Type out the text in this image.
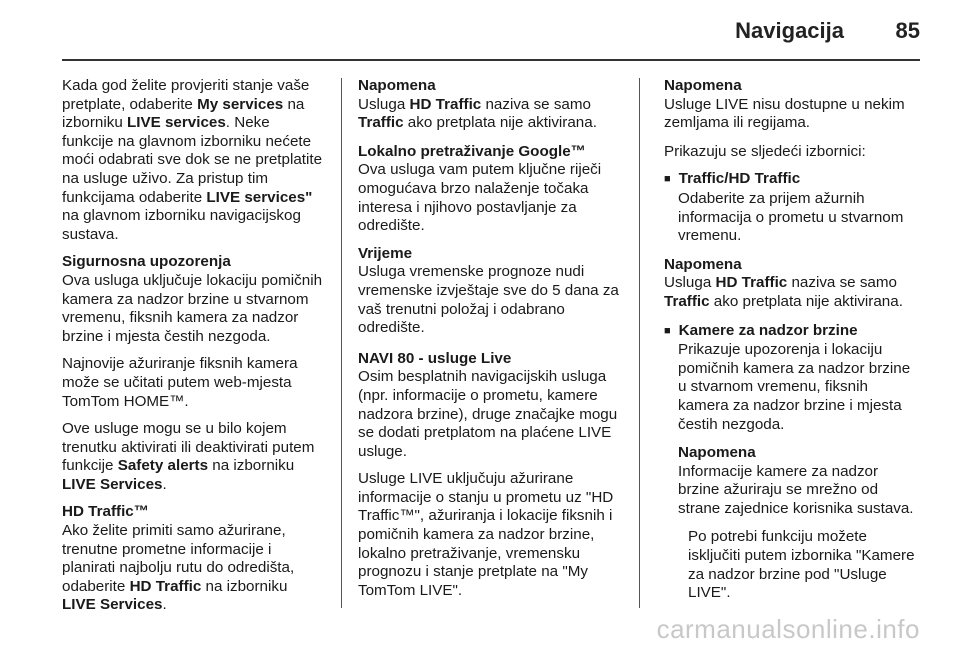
Navigacija 85

Kada god želite provjeriti stanje vaše pretplate, odaberite My services na izborniku LIVE services. Neke funkcije na glavnom izborniku nećete moći odabrati sve dok se ne pretplatite na usluge uživo. Za pristup tim funkcijama odaberite LIVE services" na glavnom izborniku navigacijskog sustava.

Sigurnosna upozorenja

Ova usluga uključuje lokaciju pomičnih kamera za nadzor brzine u stvarnom vremenu, fiksnih kamera za nadzor brzine i mjesta čestih nezgoda.

Najnovije ažuriranje fiksnih kamera može se učitati putem web-mjesta TomTom HOME™.

Ove usluge mogu se u bilo kojem trenutku aktivirati ili deaktivirati putem funkcije Safety alerts na izborniku LIVE Services.

HD Traffic™

Ako želite primiti samo ažurirane, trenutne prometne informacije i planirati najbolju rutu do odredišta, odaberite HD Traffic na izborniku LIVE Services.

Napomena
Usluga HD Traffic naziva se samo Traffic ako pretplata nije aktivirana.
Lokalno pretraživanje Google™

Ova usluga vam putem ključne riječi omogućava brzo nalaženje točaka interesa i njihovo postavljanje za odredište.

Vrijeme

Usluga vremenske prognoze nudi vremenske izvještaje sve do 5 dana za vaš trenutni položaj i odabrano odredište.

NAVI 80 - usluge Live

Osim besplatnih navigacijskih usluga (npr. informacije o prometu, kamere nadzora brzine), druge značajke mogu se dodati pretplatom na plaćene LIVE usluge.

Usluge LIVE uključuju ažurirane informacije o stanju u prometu uz "HD Traffic™", ažuriranja i lokacije fiksnih i pomičnih kamera za nadzor brzine, lokalno pretraživanje, vremensku prognozu i stanje pretplate na "My TomTom LIVE".

Napomena
Usluge LIVE nisu dostupne u nekim zemljama ili regijama.

Prikazuju se sljedeći izbornici:

■ Traffic/HD Traffic
Odaberite za prijem ažurnih informacija o prometu u stvarnom vremenu.
Napomena
Usluga HD Traffic naziva se samo Traffic ako pretplata nije aktivirana.
■ Kamere za nadzor brzine
Prikazuje upozorenja i lokaciju pomičnih kamera za nadzor brzine u stvarnom vremenu, fiksnih kamera za nadzor brzine i mjesta čestih nezgoda.
Napomena
Informacije kamere za nadzor brzine ažuriraju se mrežno od strane zajednice korisnika sustava.

Po potrebi funkciju možete isključiti putem izbornika "Kamere za nadzor brzine pod "Usluge LIVE".

carmanualsonline.info
